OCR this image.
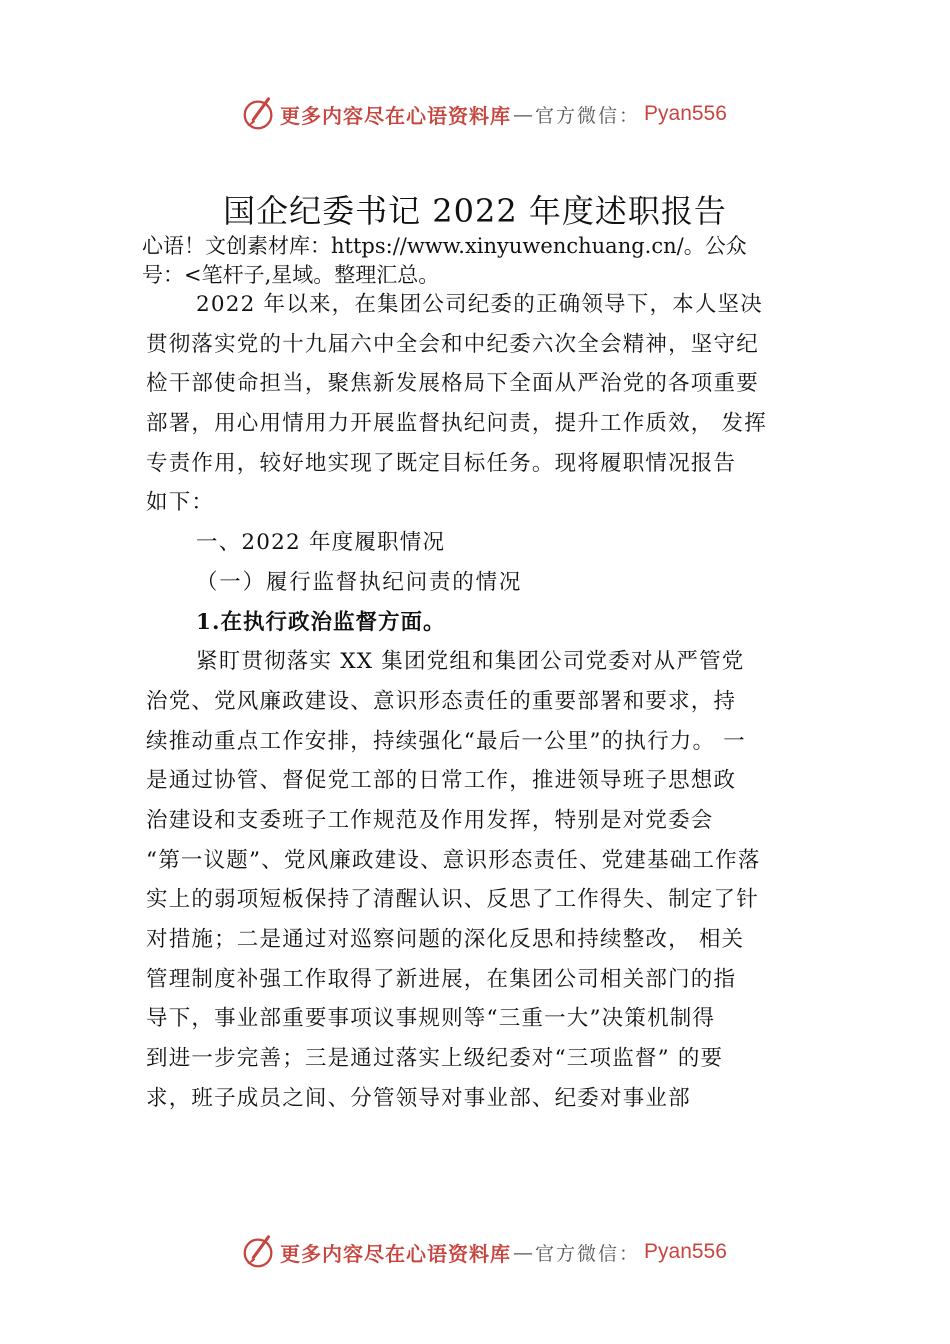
更多内容尽在心语资料库 — 官方微信： Pyan556
国企纪委书记 2022 年度述职报告
心语！文创素材库：https://www.xinyuwenchuang.cn/。公众
号：<笔杆子,星域。整理汇总。
2022 年以来，在集团公司纪委的正确领导下，本人坚决
贯彻落实党的十九届六中全会和中纪委六次全会精神，坚守纪
检干部使命担当，聚焦新发展格局下全面从严治党的各项重要
部署，用心用情用力开展监督执纪问责，提升工作质效， 发挥
专责作用，较好地实现了既定目标任务。现将履职情况报告
如下：
一、2022 年度履职情况
（一）履行监督执纪问责的情况
1.在执行政治监督方面。
紧盯贯彻落实 XX 集团党组和集团公司党委对从严管党
治党、党风廉政建设、意识形态责任的重要部署和要求，持
续推动重点工作安排，持续强化“最后一公里”的执行力。 一
是通过协管、督促党工部的日常工作，推进领导班子思想政
治建设和支委班子工作规范及作用发挥，特别是对党委会
“第一议题”、党风廉政建设、意识形态责任、党建基础工作落
实上的弱项短板保持了清醒认识、反思了工作得失、制定了针
对措施；二是通过对巡察问题的深化反思和持续整改， 相关
管理制度补强工作取得了新进展，在集团公司相关部门的指
导下，事业部重要事项议事规则等“三重一大”决策机制得
到进一步完善；三是通过落实上级纪委对“三项监督” 的要
求，班子成员之间、分管领导对事业部、纪委对事业部
更多内容尽在心语资料库 — 官方微信： Pyan556
